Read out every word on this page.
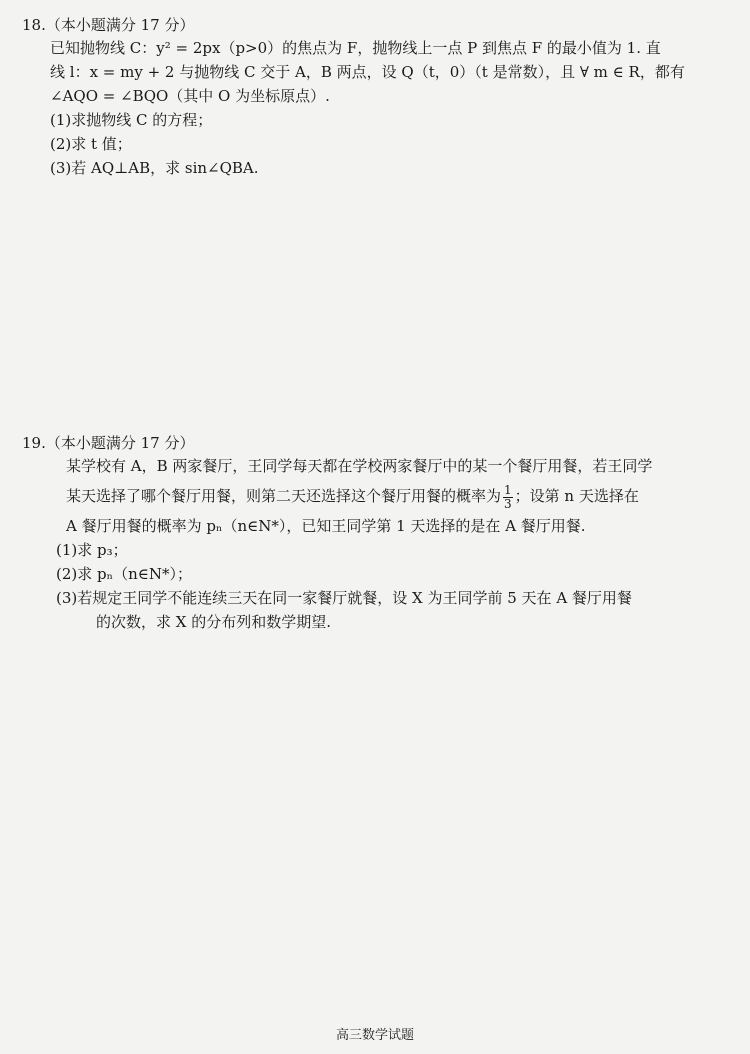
18.（本小题满分 17 分）
已知抛物线 C：y² = 2px（p>0）的焦点为 F，抛物线上一点 P 到焦点 F 的最小值为 1. 直
线 l：x = my + 2 与抛物线 C 交于 A，B 两点，设 Q（t，0）（t 是常数），且 ∀ m ∈ R，都有
∠AQO = ∠BQO（其中 O 为坐标原点）.
(1)求抛物线 C 的方程；
(2)求 t 值；
(3)若 AQ⊥AB，求 sin∠QBA.
19.（本小题满分 17 分）
某学校有 A，B 两家餐厅，王同学每天都在学校两家餐厅中的某一个餐厅用餐，若王同学
某天选择了哪个餐厅用餐，则第二天还选择这个餐厅用餐的概率为 $\frac{1}{3}$ ；设第 n 天选择在
A 餐厅用餐的概率为 pₙ（n∈N*），已知王同学第 1 天选择的是在 A 餐厅用餐.
(1)求 p₃；
(2)求 pₙ（n∈N*）；
(3)若规定王同学不能连续三天在同一家餐厅就餐，设 X 为王同学前 5 天在 A 餐厅用餐
的次数，求 X 的分布列和数学期望.
高三数学试题
